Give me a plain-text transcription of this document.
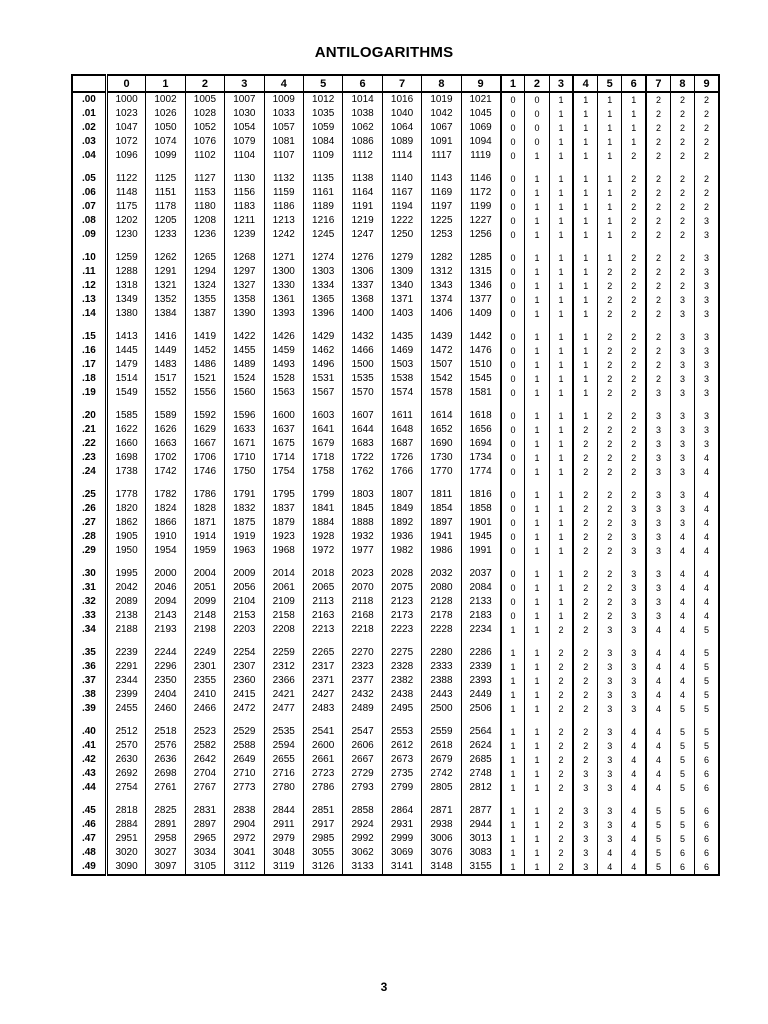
ANTILOGARITHMS
	0	1	2	3	4	5	6	7	8	9	1	2	3	4	5	6	7	8	9
.00	1000	1002	1005	1007	1009	1012	1014	1016	1019	1021	0	0	1	1	1	1	2	2	2
.01	1023	1026	1028	1030	1033	1035	1038	1040	1042	1045	0	0	1	1	1	1	2	2	2
.02	1047	1050	1052	1054	1057	1059	1062	1064	1067	1069	0	0	1	1	1	1	2	2	2
.03	1072	1074	1076	1079	1081	1084	1086	1089	1091	1094	0	0	1	1	1	1	2	2	2
.04	1096	1099	1102	1104	1107	1109	1112	1114	1117	1119	0	1	1	1	1	2	2	2	2

.05	1122	1125	1127	1130	1132	1135	1138	1140	1143	1146	0	1	1	1	1	2	2	2	2
.06	1148	1151	1153	1156	1159	1161	1164	1167	1169	1172	0	1	1	1	1	2	2	2	2
.07	1175	1178	1180	1183	1186	1189	1191	1194	1197	1199	0	1	1	1	1	2	2	2	2
.08	1202	1205	1208	1211	1213	1216	1219	1222	1225	1227	0	1	1	1	1	2	2	2	3
.09	1230	1233	1236	1239	1242	1245	1247	1250	1253	1256	0	1	1	1	1	2	2	2	3

.10	1259	1262	1265	1268	1271	1274	1276	1279	1282	1285	0	1	1	1	1	2	2	2	3
.11	1288	1291	1294	1297	1300	1303	1306	1309	1312	1315	0	1	1	1	2	2	2	2	3
.12	1318	1321	1324	1327	1330	1334	1337	1340	1343	1346	0	1	1	1	2	2	2	2	3
.13	1349	1352	1355	1358	1361	1365	1368	1371	1374	1377	0	1	1	1	2	2	2	3	3
.14	1380	1384	1387	1390	1393	1396	1400	1403	1406	1409	0	1	1	1	2	2	2	3	3

.15	1413	1416	1419	1422	1426	1429	1432	1435	1439	1442	0	1	1	1	2	2	2	3	3
.16	1445	1449	1452	1455	1459	1462	1466	1469	1472	1476	0	1	1	1	2	2	2	3	3
.17	1479	1483	1486	1489	1493	1496	1500	1503	1507	1510	0	1	1	1	2	2	2	3	3
.18	1514	1517	1521	1524	1528	1531	1535	1538	1542	1545	0	1	1	1	2	2	2	3	3
.19	1549	1552	1556	1560	1563	1567	1570	1574	1578	1581	0	1	1	1	2	2	3	3	3

.20	1585	1589	1592	1596	1600	1603	1607	1611	1614	1618	0	1	1	1	2	2	3	3	3
.21	1622	1626	1629	1633	1637	1641	1644	1648	1652	1656	0	1	1	2	2	2	3	3	3
.22	1660	1663	1667	1671	1675	1679	1683	1687	1690	1694	0	1	1	2	2	2	3	3	3
.23	1698	1702	1706	1710	1714	1718	1722	1726	1730	1734	0	1	1	2	2	2	3	3	4
.24	1738	1742	1746	1750	1754	1758	1762	1766	1770	1774	0	1	1	2	2	2	3	3	4

.25	1778	1782	1786	1791	1795	1799	1803	1807	1811	1816	0	1	1	2	2	2	3	3	4
.26	1820	1824	1828	1832	1837	1841	1845	1849	1854	1858	0	1	1	2	2	3	3	3	4
.27	1862	1866	1871	1875	1879	1884	1888	1892	1897	1901	0	1	1	2	2	3	3	3	4
.28	1905	1910	1914	1919	1923	1928	1932	1936	1941	1945	0	1	1	2	2	3	3	4	4
.29	1950	1954	1959	1963	1968	1972	1977	1982	1986	1991	0	1	1	2	2	3	3	4	4

.30	1995	2000	2004	2009	2014	2018	2023	2028	2032	2037	0	1	1	2	2	3	3	4	4
.31	2042	2046	2051	2056	2061	2065	2070	2075	2080	2084	0	1	1	2	2	3	3	4	4
.32	2089	2094	2099	2104	2109	2113	2118	2123	2128	2133	0	1	1	2	2	3	3	4	4
.33	2138	2143	2148	2153	2158	2163	2168	2173	2178	2183	0	1	1	2	2	3	3	4	4
.34	2188	2193	2198	2203	2208	2213	2218	2223	2228	2234	1	1	2	2	3	3	4	4	5

.35	2239	2244	2249	2254	2259	2265	2270	2275	2280	2286	1	1	2	2	3	3	4	4	5
.36	2291	2296	2301	2307	2312	2317	2323	2328	2333	2339	1	1	2	2	3	3	4	4	5
.37	2344	2350	2355	2360	2366	2371	2377	2382	2388	2393	1	1	2	2	3	3	4	4	5
.38	2399	2404	2410	2415	2421	2427	2432	2438	2443	2449	1	1	2	2	3	3	4	4	5
.39	2455	2460	2466	2472	2477	2483	2489	2495	2500	2506	1	1	2	2	3	3	4	5	5

.40	2512	2518	2523	2529	2535	2541	2547	2553	2559	2564	1	1	2	2	3	4	4	5	5
.41	2570	2576	2582	2588	2594	2600	2606	2612	2618	2624	1	1	2	2	3	4	4	5	5
.42	2630	2636	2642	2649	2655	2661	2667	2673	2679	2685	1	1	2	2	3	4	4	5	6
.43	2692	2698	2704	2710	2716	2723	2729	2735	2742	2748	1	1	2	3	3	4	4	5	6
.44	2754	2761	2767	2773	2780	2786	2793	2799	2805	2812	1	1	2	3	3	4	4	5	6

.45	2818	2825	2831	2838	2844	2851	2858	2864	2871	2877	1	1	2	3	3	4	5	5	6
.46	2884	2891	2897	2904	2911	2917	2924	2931	2938	2944	1	1	2	3	3	4	5	5	6
.47	2951	2958	2965	2972	2979	2985	2992	2999	3006	3013	1	1	2	3	3	4	5	5	6
.48	3020	3027	3034	3041	3048	3055	3062	3069	3076	3083	1	1	2	3	4	4	5	6	6
.49	3090	3097	3105	3112	3119	3126	3133	3141	3148	3155	1	1	2	3	4	4	5	6	6
3
